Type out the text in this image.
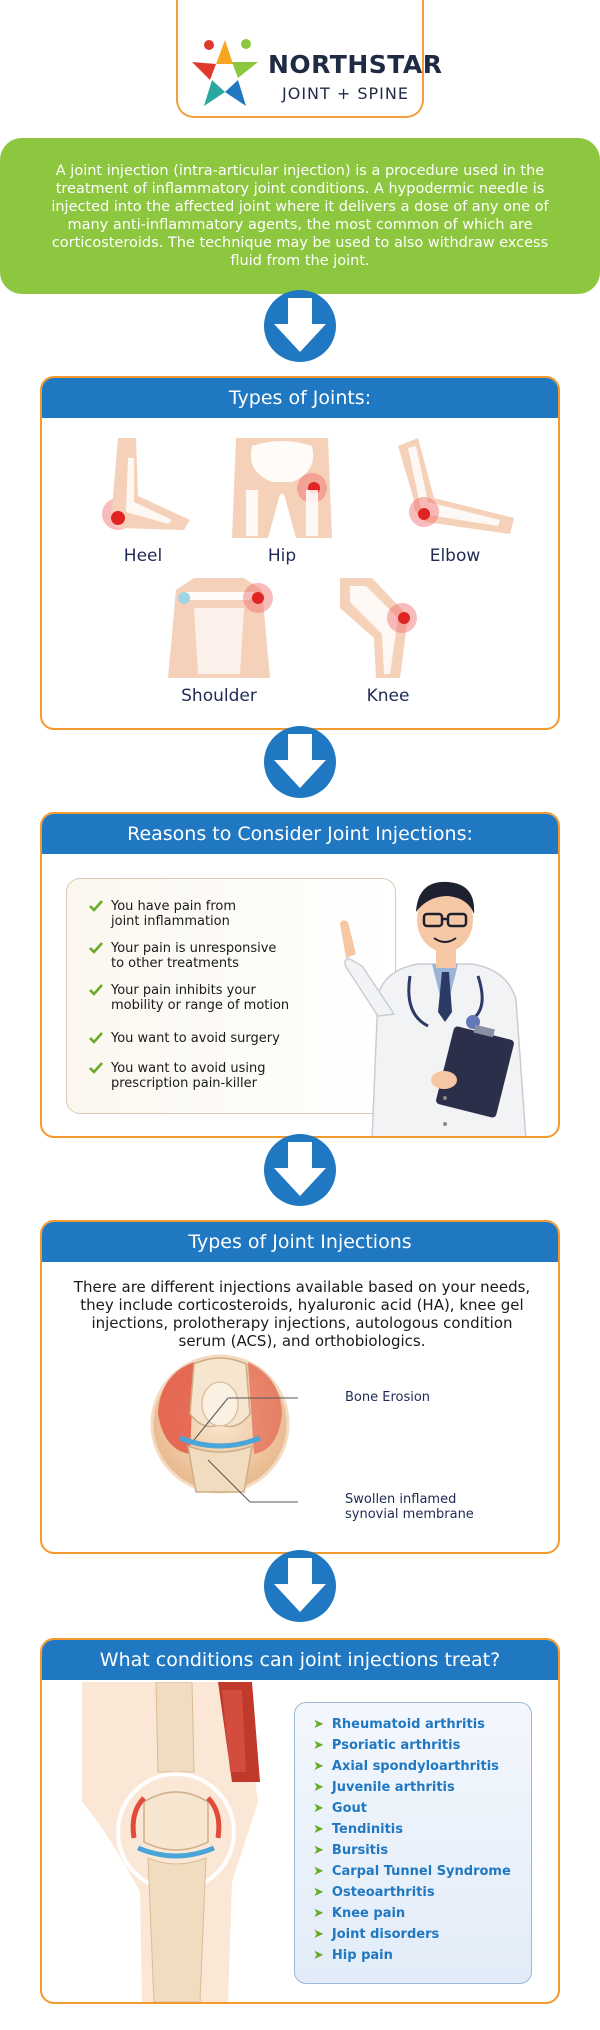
NORTHSTAR
JOINT + SPINE

A joint injection (intra-articular injection) is a procedure used in the treatment of inflammatory joint conditions. A hypodermic needle is injected into the affected joint where it delivers a dose of any one of many anti-inflammatory agents, the most common of which are corticosteroids. The technique may be used to also withdraw excess fluid from the joint.

Types of Joints:
Heel	Hip	Elbow
Shoulder	Knee
Reasons to Consider Joint Injections:
You have pain from
joint inflammation
Your pain is unresponsive
to other treatments
Your pain inhibits your
mobility or range of motion
You want to avoid surgery
You want to avoid using
prescription pain-killer
Types of Joint Injections

There are different injections available based on your needs, they include corticosteroids, hyaluronic acid (HA), knee gel injections, prolotherapy injections, autologous condition serum (ACS), and orthobiologics.

Bone Erosion
Swollen inflamed
synovial membrane
What conditions can joint injections treat?
➤ Rheumatoid arthritis
➤ Psoriatic arthritis
➤ Axial spondyloarthritis
➤ Juvenile arthritis
➤ Gout
➤ Tendinitis
➤ Bursitis
➤ Carpal Tunnel Syndrome
➤ Osteoarthritis
➤ Knee pain
➤ Joint disorders
➤ Hip pain
